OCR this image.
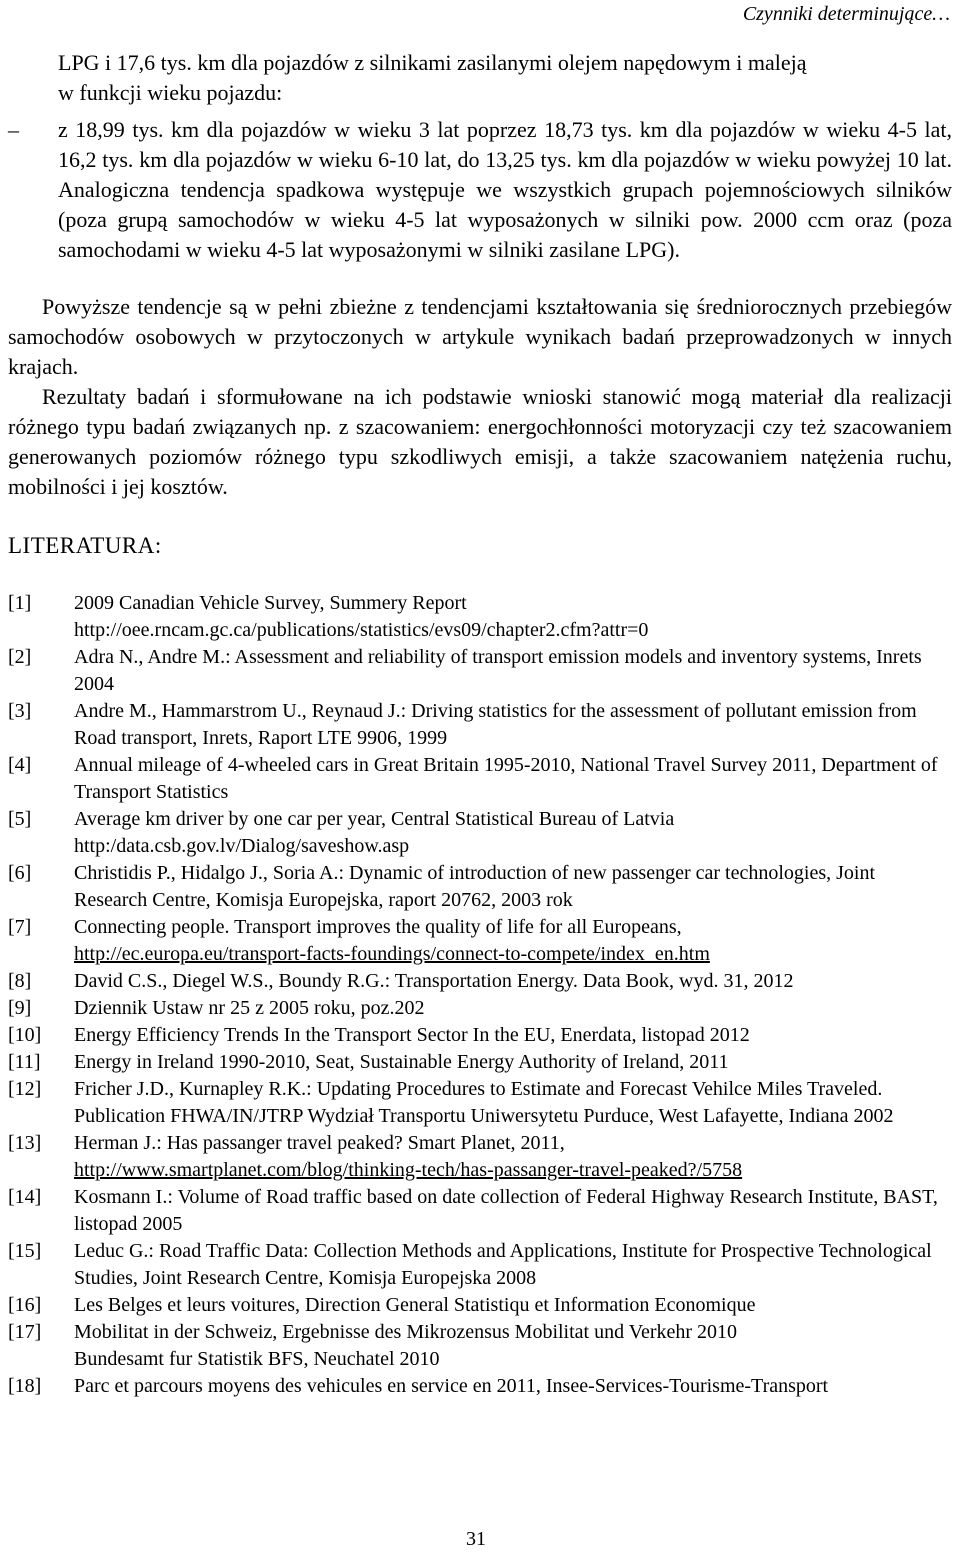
Czynniki determinujące…

LPG i 17,6 tys. km dla pojazdów z silnikami zasilanymi olejem napędowym i maleją
w funkcji wieku pojazdu:

– z 18,99 tys. km dla pojazdów w wieku 3 lat poprzez 18,73 tys. km dla pojazdów w wieku 4-5 lat, 16,2 tys. km dla pojazdów w wieku 6-10 lat, do 13,25 tys. km dla pojazdów w wieku powyżej 10 lat. Analogiczna tendencja spadkowa występuje we wszystkich grupach pojemnościowych silników (poza grupą samochodów w wieku 4-5 lat wyposażonych w silniki pow. 2000 ccm oraz (poza samochodami w wieku 4-5 lat wyposażonymi w silniki zasilane LPG).

Powyższe tendencje są w pełni zbieżne z tendencjami kształtowania się średniorocznych przebiegów samochodów osobowych w przytoczonych w artykule wynikach badań przeprowadzonych w innych krajach.

Rezultaty badań i sformułowane na ich podstawie wnioski stanowić mogą materiał dla realizacji różnego typu badań związanych np. z szacowaniem: energochłonności motoryzacji czy też szacowaniem generowanych poziomów różnego typu szkodliwych emisji, a także szacowaniem natężenia ruchu, mobilności i jej kosztów.

LITERATURA:
[1]	2009 Canadian Vehicle Survey, Summery Report
http://oee.rncam.gc.ca/publications/statistics/evs09/chapter2.cfm?attr=0
[2]	Adra N., Andre M.: Assessment and reliability of transport emission models and inventory systems, Inrets 2004
[3]	Andre M., Hammarstrom U., Reynaud J.: Driving statistics for the assessment of pollutant emission from Road transport, Inrets, Raport LTE 9906, 1999
[4]	Annual mileage of 4-wheeled cars in Great Britain 1995-2010, National Travel Survey 2011, Department of Transport Statistics
[5]	Average km driver by one car per year, Central Statistical Bureau of Latvia
http:/data.csb.gov.lv/Dialog/saveshow.asp
[6]	Christidis P., Hidalgo J., Soria A.: Dynamic of introduction of new passenger car technologies, Joint Research Centre, Komisja Europejska, raport 20762, 2003 rok
[7]	Connecting people. Transport improves the quality of life for all Europeans,
http://ec.europa.eu/transport-facts-foundings/connect-to-compete/index_en.htm
[8]	David C.S., Diegel W.S., Boundy R.G.: Transportation Energy. Data Book, wyd. 31, 2012
[9]	Dziennik Ustaw nr 25 z 2005 roku, poz.202
[10]	Energy Efficiency Trends In the Transport Sector In the EU, Enerdata, listopad 2012
[11]	Energy in Ireland 1990-2010, Seat, Sustainable Energy Authority of Ireland, 2011
[12]	Fricher J.D., Kurnapley R.K.: Updating Procedures to Estimate and Forecast Vehilce Miles Traveled. Publication FHWA/IN/JTRP Wydział Transportu Uniwersytetu Purduce, West Lafayette, Indiana 2002
[13]	Herman J.: Has passanger travel peaked? Smart Planet, 2011,
http://www.smartplanet.com/blog/thinking-tech/has-passanger-travel-peaked?/5758
[14]	Kosmann I.: Volume of Road traffic based on date collection of Federal Highway Research Institute, BAST, listopad 2005
[15]	Leduc G.: Road Traffic Data: Collection Methods and Applications, Institute for Prospective Technological Studies, Joint Research Centre, Komisja Europejska 2008
[16]	Les Belges et leurs voitures, Direction General Statistiqu et Information Economique
[17]	Mobilitat in der Schweiz, Ergebnisse des Mikrozensus Mobilitat und Verkehr 2010
Bundesamt fur Statistik BFS, Neuchatel 2010
[18]	Parc et parcours moyens des vehicules en service en 2011, Insee-Services-Tourisme-Transport
31
